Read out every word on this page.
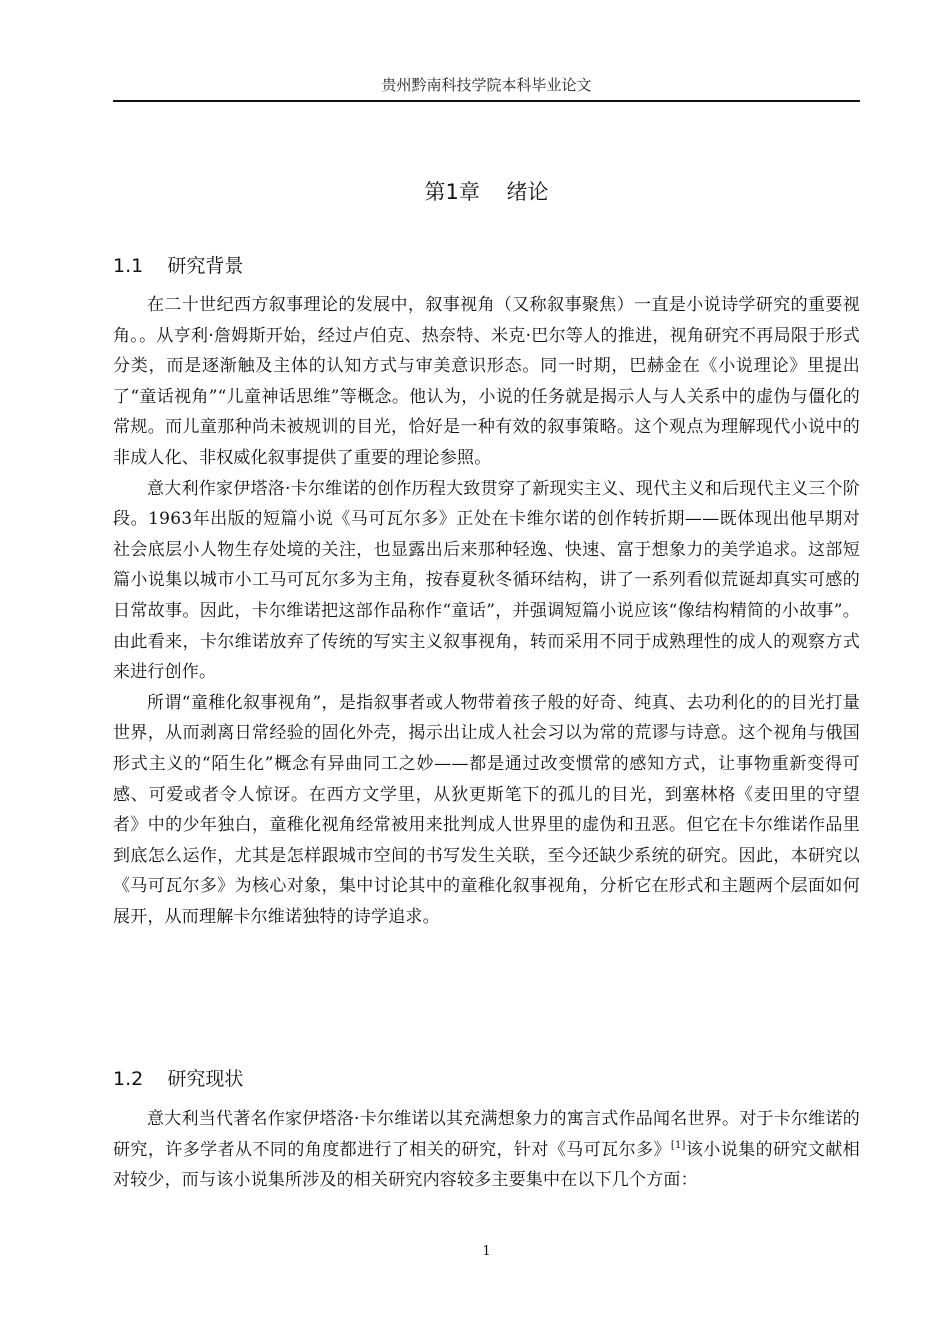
贵州黔南科技学院本科毕业论文
第1章 绪论
1.1 研究背景

在二十世纪西方叙事理论的发展中，叙事视角（又称叙事聚焦）一直是小说诗学研究的重要视角。。从亨利·詹姆斯开始，经过卢伯克、热奈特、米克·巴尔等人的推进，视角研究不再局限于形式分类，而是逐渐触及主体的认知方式与审美意识形态。同一时期，巴赫金在《小说理论》里提出了“童话视角”“儿童神话思维”等概念。他认为，小说的任务就是揭示人与人关系中的虚伪与僵化的常规。而儿童那种尚未被规训的目光，恰好是一种有效的叙事策略。这个观点为理解现代小说中的非成人化、非权威化叙事提供了重要的理论参照。

意大利作家伊塔洛·卡尔维诺的创作历程大致贯穿了新现实主义、现代主义和后现代主义三个阶段。1963年出版的短篇小说《马可瓦尔多》正处在卡维尔诺的创作转折期——既体现出他早期对社会底层小人物生存处境的关注，也显露出后来那种轻逸、快速、富于想象力的美学追求。这部短篇小说集以城市小工马可瓦尔多为主角，按春夏秋冬循环结构，讲了一系列看似荒诞却真实可感的日常故事。因此，卡尔维诺把这部作品称作“童话”，并强调短篇小说应该“像结构精简的小故事”。由此看来，卡尔维诺放弃了传统的写实主义叙事视角，转而采用不同于成熟理性的成人的观察方式来进行创作。

所谓“童稚化叙事视角”，是指叙事者或人物带着孩子般的好奇、纯真、去功利化的的目光打量世界，从而剥离日常经验的固化外壳，揭示出让成人社会习以为常的荒谬与诗意。这个视角与俄国形式主义的“陌生化”概念有异曲同工之妙——都是通过改变惯常的感知方式，让事物重新变得可感、可爱或者令人惊讶。在西方文学里，从狄更斯笔下的孤儿的目光，到塞林格《麦田里的守望者》中的少年独白，童稚化视角经常被用来批判成人世界里的虚伪和丑恶。但它在卡尔维诺作品里到底怎么运作，尤其是怎样跟城市空间的书写发生关联，至今还缺少系统的研究。因此，本研究以《马可瓦尔多》为核心对象，集中讨论其中的童稚化叙事视角，分析它在形式和主题两个层面如何展开，从而理解卡尔维诺独特的诗学追求。

1.2 研究现状

意大利当代著名作家伊塔洛·卡尔维诺以其充满想象力的寓言式作品闻名世界。对于卡尔维诺的研究，许多学者从不同的角度都进行了相关的研究，针对《马可瓦尔多》[1]该小说集的研究文献相对较少，而与该小说集所涉及的相关研究内容较多主要集中在以下几个方面：

1
